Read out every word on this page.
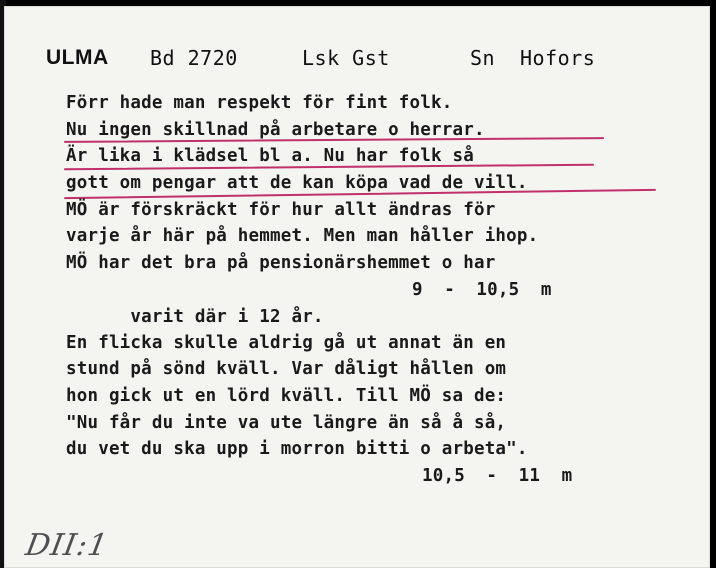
ULMA Bd 2720	Lsk Gst	Sn Hofors
Förr hade man respekt för fint folk.
Nu ingen skillnad på arbetare o herrar.
Är lika i klädsel bl a. Nu har folk så
gott om pengar att de kan köpa vad de vill.
MÖ är förskräckt för hur allt ändras för
varje år här på hemmet. Men man håller ihop.
MÖ har det bra på pensionärshemmet o har

varit där i 12 år.

9  -  10,5  m

En flicka skulle aldrig gå ut annat än en
stund på sönd kväll. Var dåligt hållen om
hon gick ut en lörd kväll. Till MÖ sa de:
"Nu får du inte va ute längre än så å så,
du vet du ska upp i morron bitti o arbeta".

10,5  -  11  m

DII:1
